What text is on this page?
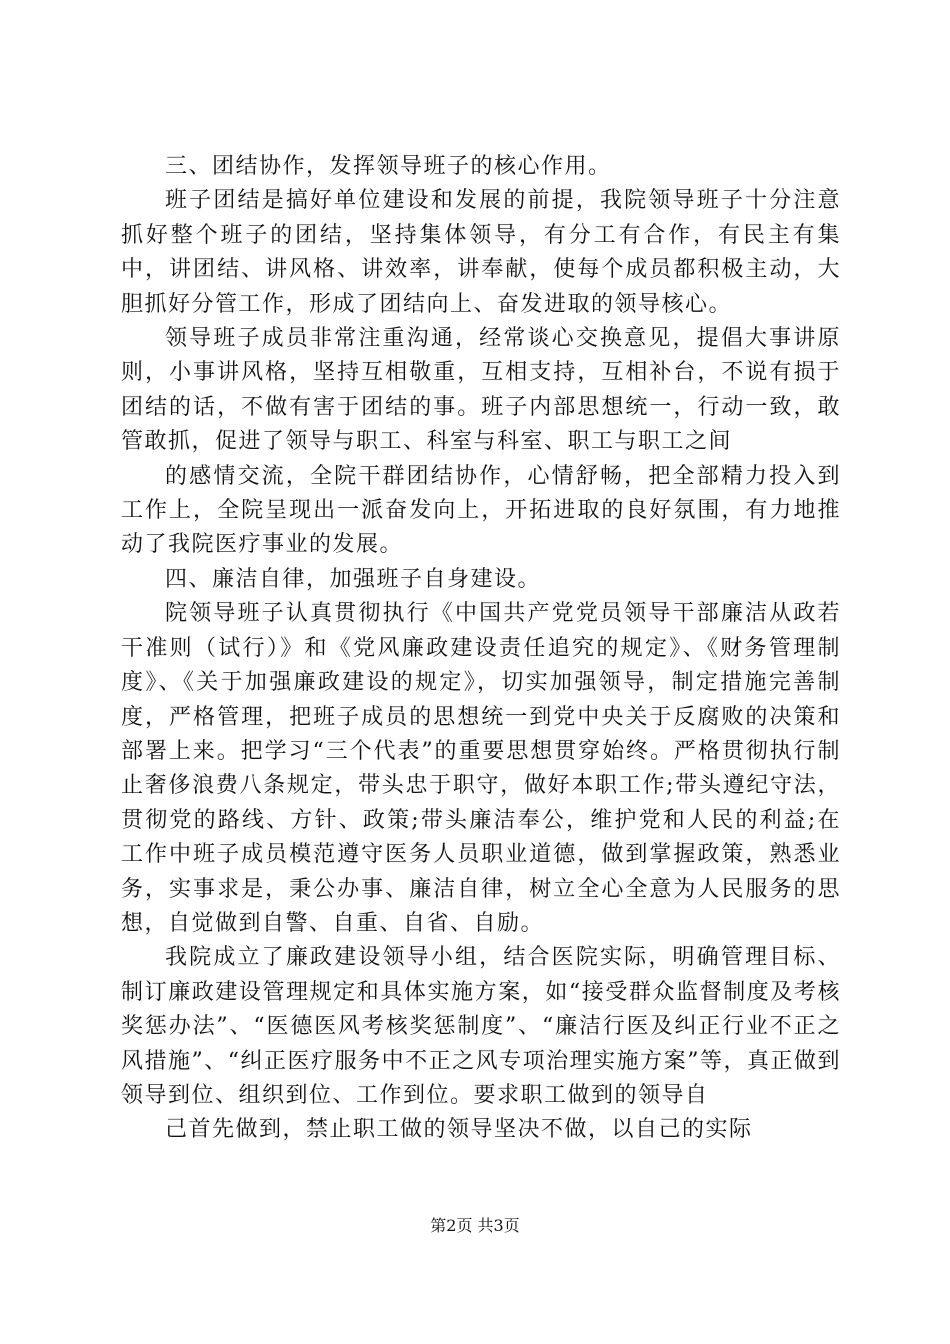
三、团结协作，发挥领导班子的核心作用。

班子团结是搞好单位建设和发展的前提，我院领导班子十分注意抓好整个班子的团结，坚持集体领导，有分工有合作，有民主有集中，讲团结、讲风格、讲效率，讲奉献，使每个成员都积极主动，大胆抓好分管工作，形成了团结向上、奋发进取的领导核心。

领导班子成员非常注重沟通，经常谈心交换意见，提倡大事讲原则，小事讲风格，坚持互相敬重，互相支持，互相补台，不说有损于团结的话，不做有害于团结的事。班子内部思想统一，行动一致，敢管敢抓，促进了领导与职工、科室与科室、职工与职工之间

的感情交流，全院干群团结协作，心情舒畅，把全部精力投入到工作上，全院呈现出一派奋发向上，开拓进取的良好氛围，有力地推动了我院医疗事业的发展。

四、廉洁自律，加强班子自身建设。

院领导班子认真贯彻执行《中国共产党党员领导干部廉洁从政若干准则（试行）》和《党风廉政建设责任追究的规定》、《财务管理制度》、《关于加强廉政建设的规定》，切实加强领导，制定措施完善制度，严格管理，把班子成员的思想统一到党中央关于反腐败的决策和部署上来。把学习“三个代表”的重要思想贯穿始终。严格贯彻执行制止奢侈浪费八条规定，带头忠于职守，做好本职工作;带头遵纪守法，贯彻党的路线、方针、政策;带头廉洁奉公，维护党和人民的利益;在工作中班子成员模范遵守医务人员职业道德，做到掌握政策，熟悉业务，实事求是，秉公办事、廉洁自律，树立全心全意为人民服务的思想，自觉做到自警、自重、自省、自励。

我院成立了廉政建设领导小组，结合医院实际，明确管理目标、制订廉政建设管理规定和具体实施方案，如“接受群众监督制度及考核奖惩办法”、“医德医风考核奖惩制度”、“廉洁行医及纠正行业不正之风措施”、“纠正医疗服务中不正之风专项治理实施方案”等，真正做到领导到位、组织到位、工作到位。要求职工做到的领导自

己首先做到，禁止职工做的领导坚决不做，以自己的实际

第2页 共3页
